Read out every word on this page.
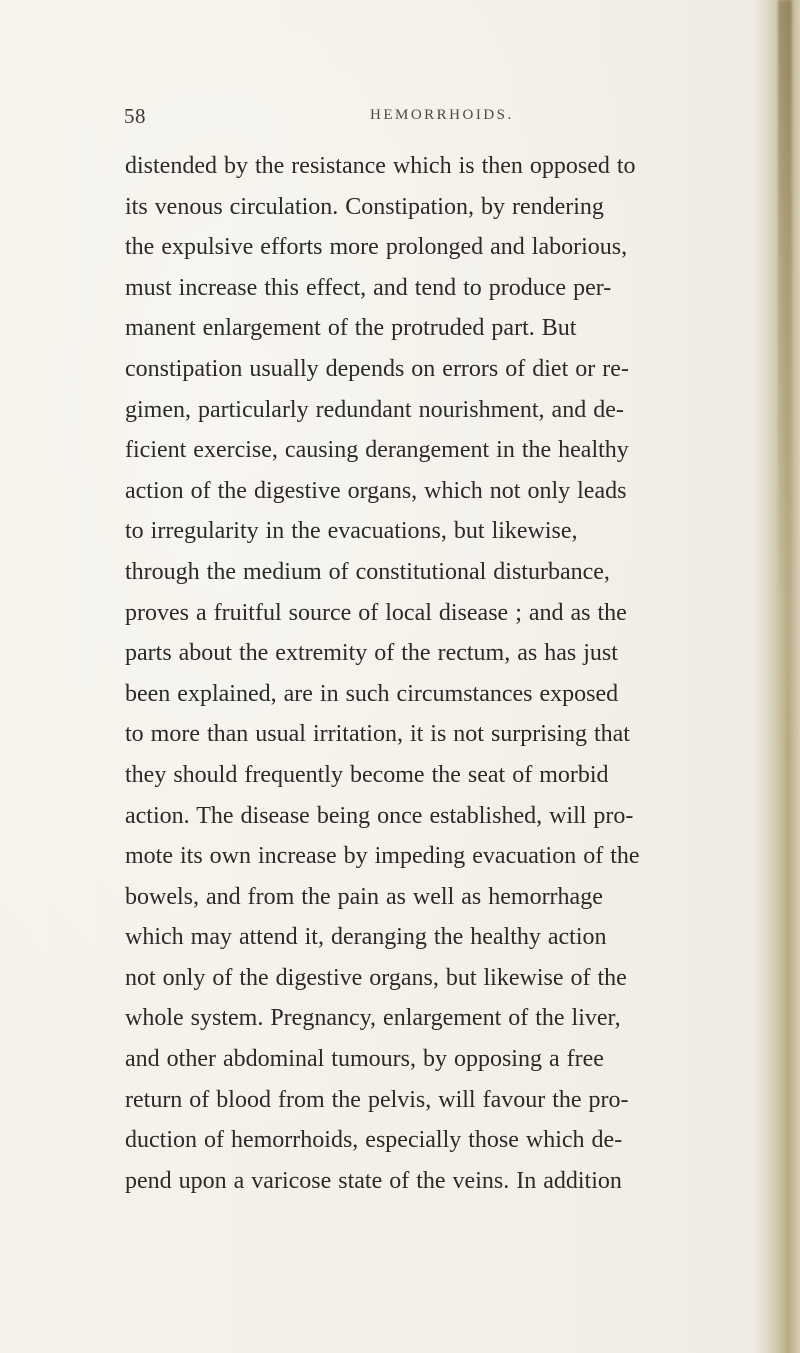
58	HEMORRHOIDS.
distended by the resistance which is then opposed to
its venous circulation. Constipation, by rendering
the expulsive efforts more prolonged and laborious,
must increase this effect, and tend to produce per-
manent enlargement of the protruded part. But
constipation usually depends on errors of diet or re-
gimen, particularly redundant nourishment, and de-
ficient exercise, causing derangement in the healthy
action of the digestive organs, which not only leads
to irregularity in the evacuations, but likewise,
through the medium of constitutional disturbance,
proves a fruitful source of local disease ; and as the
parts about the extremity of the rectum, as has just
been explained, are in such circumstances exposed
to more than usual irritation, it is not surprising that
they should frequently become the seat of morbid
action. The disease being once established, will pro-
mote its own increase by impeding evacuation of the
bowels, and from the pain as well as hemorrhage
which may attend it, deranging the healthy action
not only of the digestive organs, but likewise of the
whole system. Pregnancy, enlargement of the liver,
and other abdominal tumours, by opposing a free
return of blood from the pelvis, will favour the pro-
duction of hemorrhoids, especially those which de-
pend upon a varicose state of the veins. In addition
